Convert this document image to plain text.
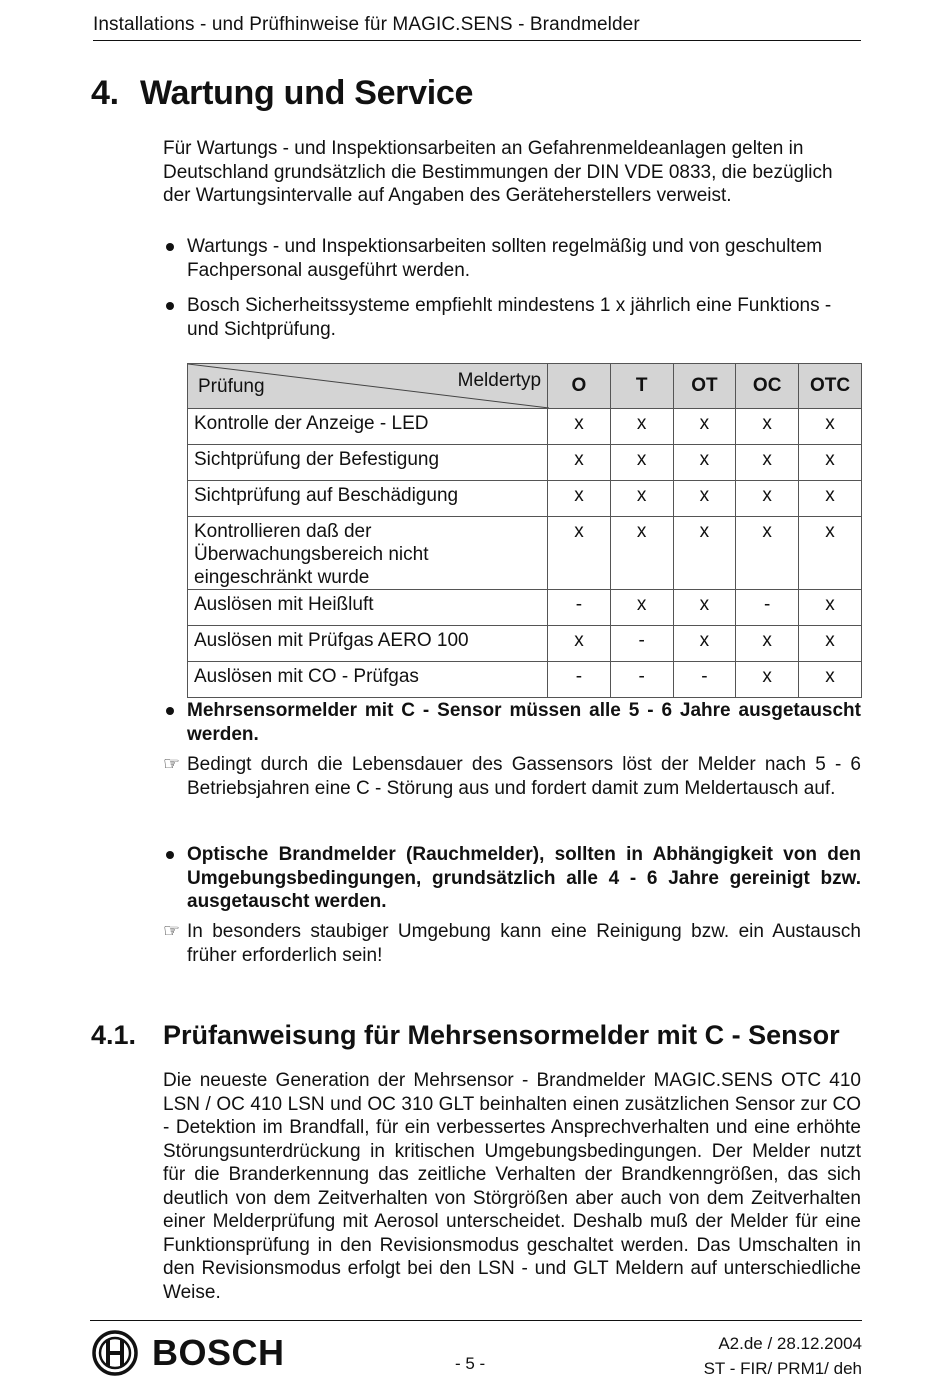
Installations - und Prüfhinweise für MAGIC.SENS - Brandmelder
4. Wartung und Service
Für Wartungs - und Inspektionsarbeiten an Gefahrenmeldeanlagen gelten in Deutschland grundsätzlich die Bestimmungen der DIN VDE 0833, die bezüglich der Wartungsintervalle auf Angaben des Geräteherstellers verweist.
Wartungs - und Inspektionsarbeiten sollten regelmäßig und von geschultem Fachpersonal ausgeführt werden.
Bosch Sicherheitssysteme empfiehlt mindestens 1 x jährlich eine Funktions - und Sichtprüfung.
Prüfung Meldertyp	O	T	OT	OC	OTC
Kontrolle der Anzeige - LED	x	x	x	x	x
Sichtprüfung der Befestigung	x	x	x	x	x
Sichtprüfung auf Beschädigung	x	x	x	x	x
Kontrollieren daß der Überwachungsbereich nicht eingeschränkt wurde	x	x	x	x	x
Auslösen mit Heißluft	-	x	x	-	x
Auslösen mit Prüfgas AERO 100	x	-	x	x	x
Auslösen mit CO - Prüfgas	-	-	-	x	x
Mehrsensormelder mit C - Sensor müssen alle 5 - 6 Jahre ausgetauscht werden.
☞ Bedingt durch die Lebensdauer des Gassensors löst der Melder nach 5 - 6 Betriebsjahren eine C - Störung aus und fordert damit zum Meldertausch auf.
Optische Brandmelder (Rauchmelder), sollten in Abhängigkeit von den Umgebungsbedingungen, grundsätzlich alle 4 - 6 Jahre gereinigt bzw. ausgetauscht werden.
☞ In besonders staubiger Umgebung kann eine Reinigung bzw. ein Austausch früher erforderlich sein!
4.1. Prüfanweisung für Mehrsensormelder mit C - Sensor
Die neueste Generation der Mehrsensor - Brandmelder MAGIC.SENS OTC 410 LSN / OC 410 LSN und OC 310 GLT beinhalten einen zusätzlichen Sensor zur CO - Detektion im Brandfall, für ein verbessertes Ansprechverhalten und eine erhöhte Störungsunterdrückung in kritischen Umgebungsbedingungen. Der Melder nutzt für die Branderkennung das zeitliche Verhalten der Brandkenngrößen, das sich deutlich von dem Zeitverhalten von Störgrößen aber auch von dem Zeitverhalten einer Melderprüfung mit Aerosol unterscheidet. Deshalb muß der Melder für eine Funktionsprüfung in den Revisionsmodus geschaltet werden. Das Umschalten in den Revisionsmodus erfolgt bei den LSN - und GLT Meldern auf unterschiedliche Weise.
BOSCH	- 5 -
A2.de / 28.12.2004
ST - FIR/ PRM1/ deh
